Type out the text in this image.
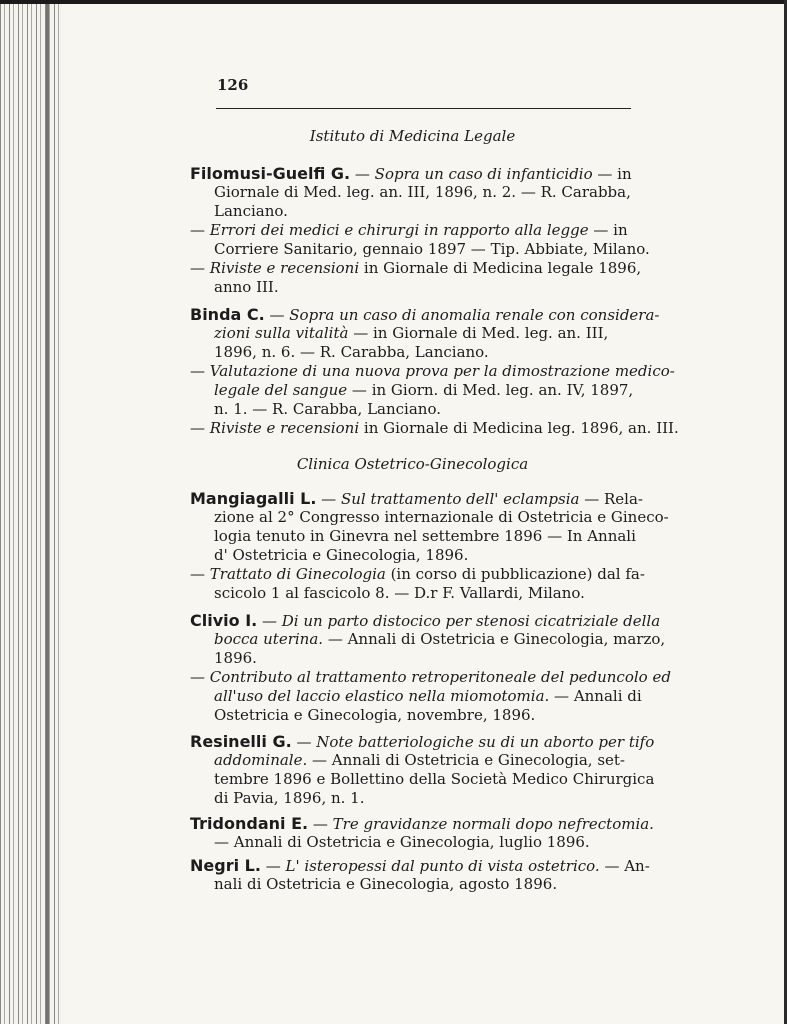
126
Istituto di Medicina Legale
Filomusi-Guelfi G. — Sopra un caso di infanticidio — in
Giornale di Med. leg. an. III, 1896, n. 2. — R. Carabba,
Lanciano.
— Errori dei medici e chirurgi in rapporto alla legge — in
Corriere Sanitario, gennaio 1897 — Tip. Abbiate, Milano.
— Riviste e recensioni in Giornale di Medicina legale 1896,
anno III.
Binda C. — Sopra un caso di anomalia renale con considera-
zioni sulla vitalità — in Giornale di Med. leg. an. III,
1896, n. 6. — R. Carabba, Lanciano.
— Valutazione di una nuova prova per la dimostrazione medico-
legale del sangue — in Giorn. di Med. leg. an. IV, 1897,
n. 1. — R. Carabba, Lanciano.
— Riviste e recensioni in Giornale di Medicina leg. 1896, an. III.
Clinica Ostetrico-Ginecologica
Mangiagalli L. — Sul trattamento dell' eclampsia — Rela-
zione al 2° Congresso internazionale di Ostetricia e Gineco-
logia tenuto in Ginevra nel settembre 1896 — In Annali
d' Ostetricia e Ginecologia, 1896.
— Trattato di Ginecologia (in corso di pubblicazione) dal fa-
scicolo 1 al fascicolo 8. — D.r F. Vallardi, Milano.
Clivio I. — Di un parto distocico per stenosi cicatriziale della
bocca uterina. — Annali di Ostetricia e Ginecologia, marzo,
1896.
— Contributo al trattamento retroperitoneale del peduncolo ed
all'uso del laccio elastico nella miomotomia. — Annali di
Ostetricia e Ginecologia, novembre, 1896.
Resinelli G. — Note batteriologiche su di un aborto per tifo
addominale. — Annali di Ostetricia e Ginecologia, set-
tembre 1896 e Bollettino della Società Medico Chirurgica
di Pavia, 1896, n. 1.
Tridondani E. — Tre gravidanze normali dopo nefrectomia.
— Annali di Ostetricia e Ginecologia, luglio 1896.
Negri L. — L' isteropessi dal punto di vista ostetrico. — An-
nali di Ostetricia e Ginecologia, agosto 1896.
